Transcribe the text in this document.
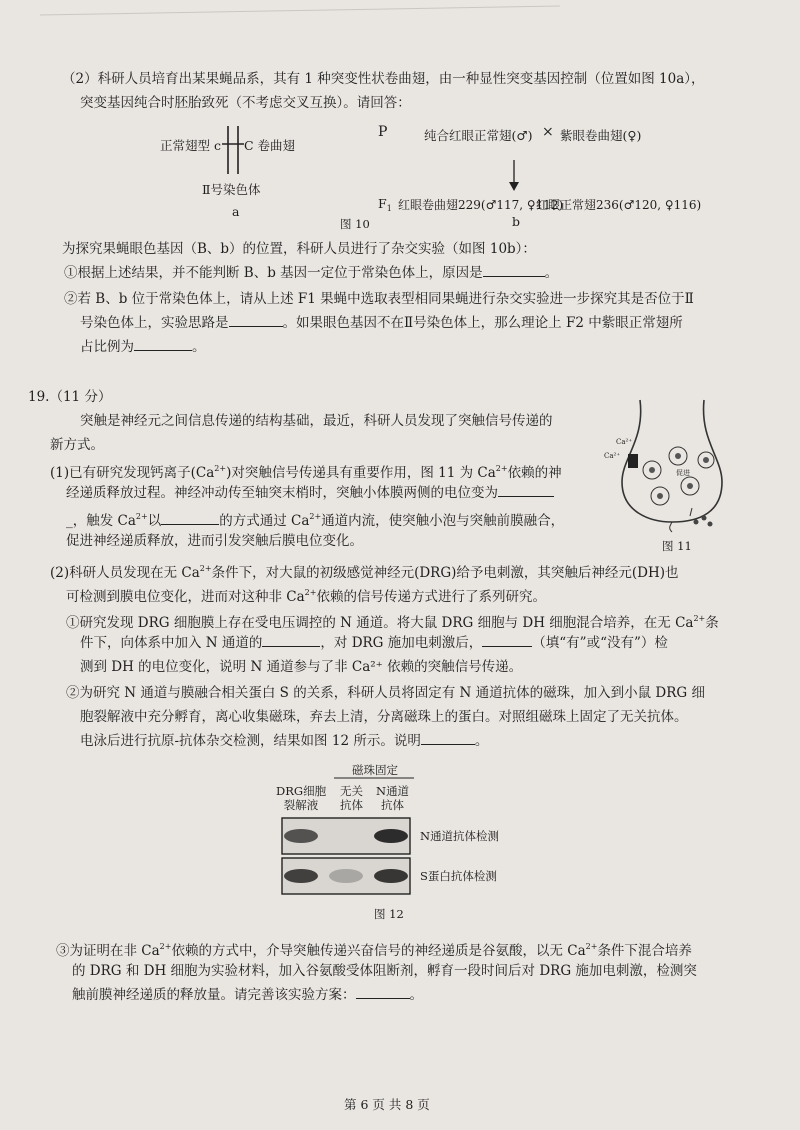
（2）科研人员培育出某果蝇品系，其有 1 种突变性状卷曲翅，由一种显性突变基因控制（位置如图 10a），
突变基因纯合时胚胎致死（不考虑交叉互换）。请回答：
正常翅型 c C 卷曲翅
Ⅱ号染色体
a
P	纯合红眼正常翅(♂) × 紫眼卷曲翅(♀)
$F_1$ 红眼卷曲翅229(♂117, ♀112)
红眼正常翅236(♂120, ♀116)
b
图 10
为探究果蝇眼色基因（B、b）的位置，科研人员进行了杂交实验（如图 10b）：
①根据上述结果，并不能判断 B、b 基因一定位于常染色体上，原因是	。
②若 B、b 位于常染色体上，请从上述 F1 果蝇中选取表型相同果蝇进行杂交实验进一步探究其是否位于Ⅱ
号染色体上，实验思路是	。如果眼色基因不在Ⅱ号染色体上，那么理论上 F2 中紫眼正常翅所
占比例为	。
19.（11 分）
突触是神经元之间信息传递的结构基础，最近，科研人员发现了突触信号传递的
新方式。
(1)已有研究发现钙离子$(Ca^{2+})$对突触信号传递具有重要作用，图 11 为 $Ca^{2+}$依赖的神
经递质释放过程。神经冲动传至轴突末梢时，突触小体膜两侧的电位变为
_，触发 $Ca^{2+}$以	的方式通过 $Ca^{2+}$通道内流，使突触小泡与突触前膜融合，
促进神经递质释放，进而引发突触后膜电位变化。
Ca²⁺
Ca²⁺
促进
图 11
(2)科研人员发现在无 $Ca^{2+}$条件下，对大鼠的初级感觉神经元(DRG)给予电刺激，其突触后神经元(DH)也
可检测到膜电位变化，进而对这种非 $Ca^{2+}$依赖的信号传递方式进行了系列研究。
①研究发现 DRG 细胞膜上存在受电压调控的 N 通道。将大鼠 DRG 细胞与 DH 细胞混合培养，在无 $Ca^{2+}$条
件下，向体系中加入 N 通道的	，对 DRG 施加电刺激后，	（填“有”或“没有”）检
测到 DH 的电位变化，说明 N 通道参与了非 Ca²⁺ 依赖的突触信号传递。
②为研究 N 通道与膜融合相关蛋白 S 的关系，科研人员将固定有 N 通道抗体的磁珠，加入到小鼠 DRG 细
胞裂解液中充分孵育，离心收集磁珠，弃去上清，分离磁珠上的蛋白。对照组磁珠上固定了无关抗体。
电泳后进行抗原-抗体杂交检测，结果如图 12 所示。说明	。
磁珠固定
DRG细胞
裂解液
无关
抗体
N通道
抗体
N通道抗体检测
S蛋白抗体检测
图 12
③为证明在非 $Ca^{2+}$依赖的方式中，介导突触传递兴奋信号的神经递质是谷氨酸，以无 $Ca^{2+}$条件下混合培养
的 DRG 和 DH 细胞为实验材料，加入谷氨酸受体阻断剂，孵育一段时间后对 DRG 施加电刺激，检测突
触前膜神经递质的释放量。请完善该实验方案：	。
第 6 页 共 8 页
